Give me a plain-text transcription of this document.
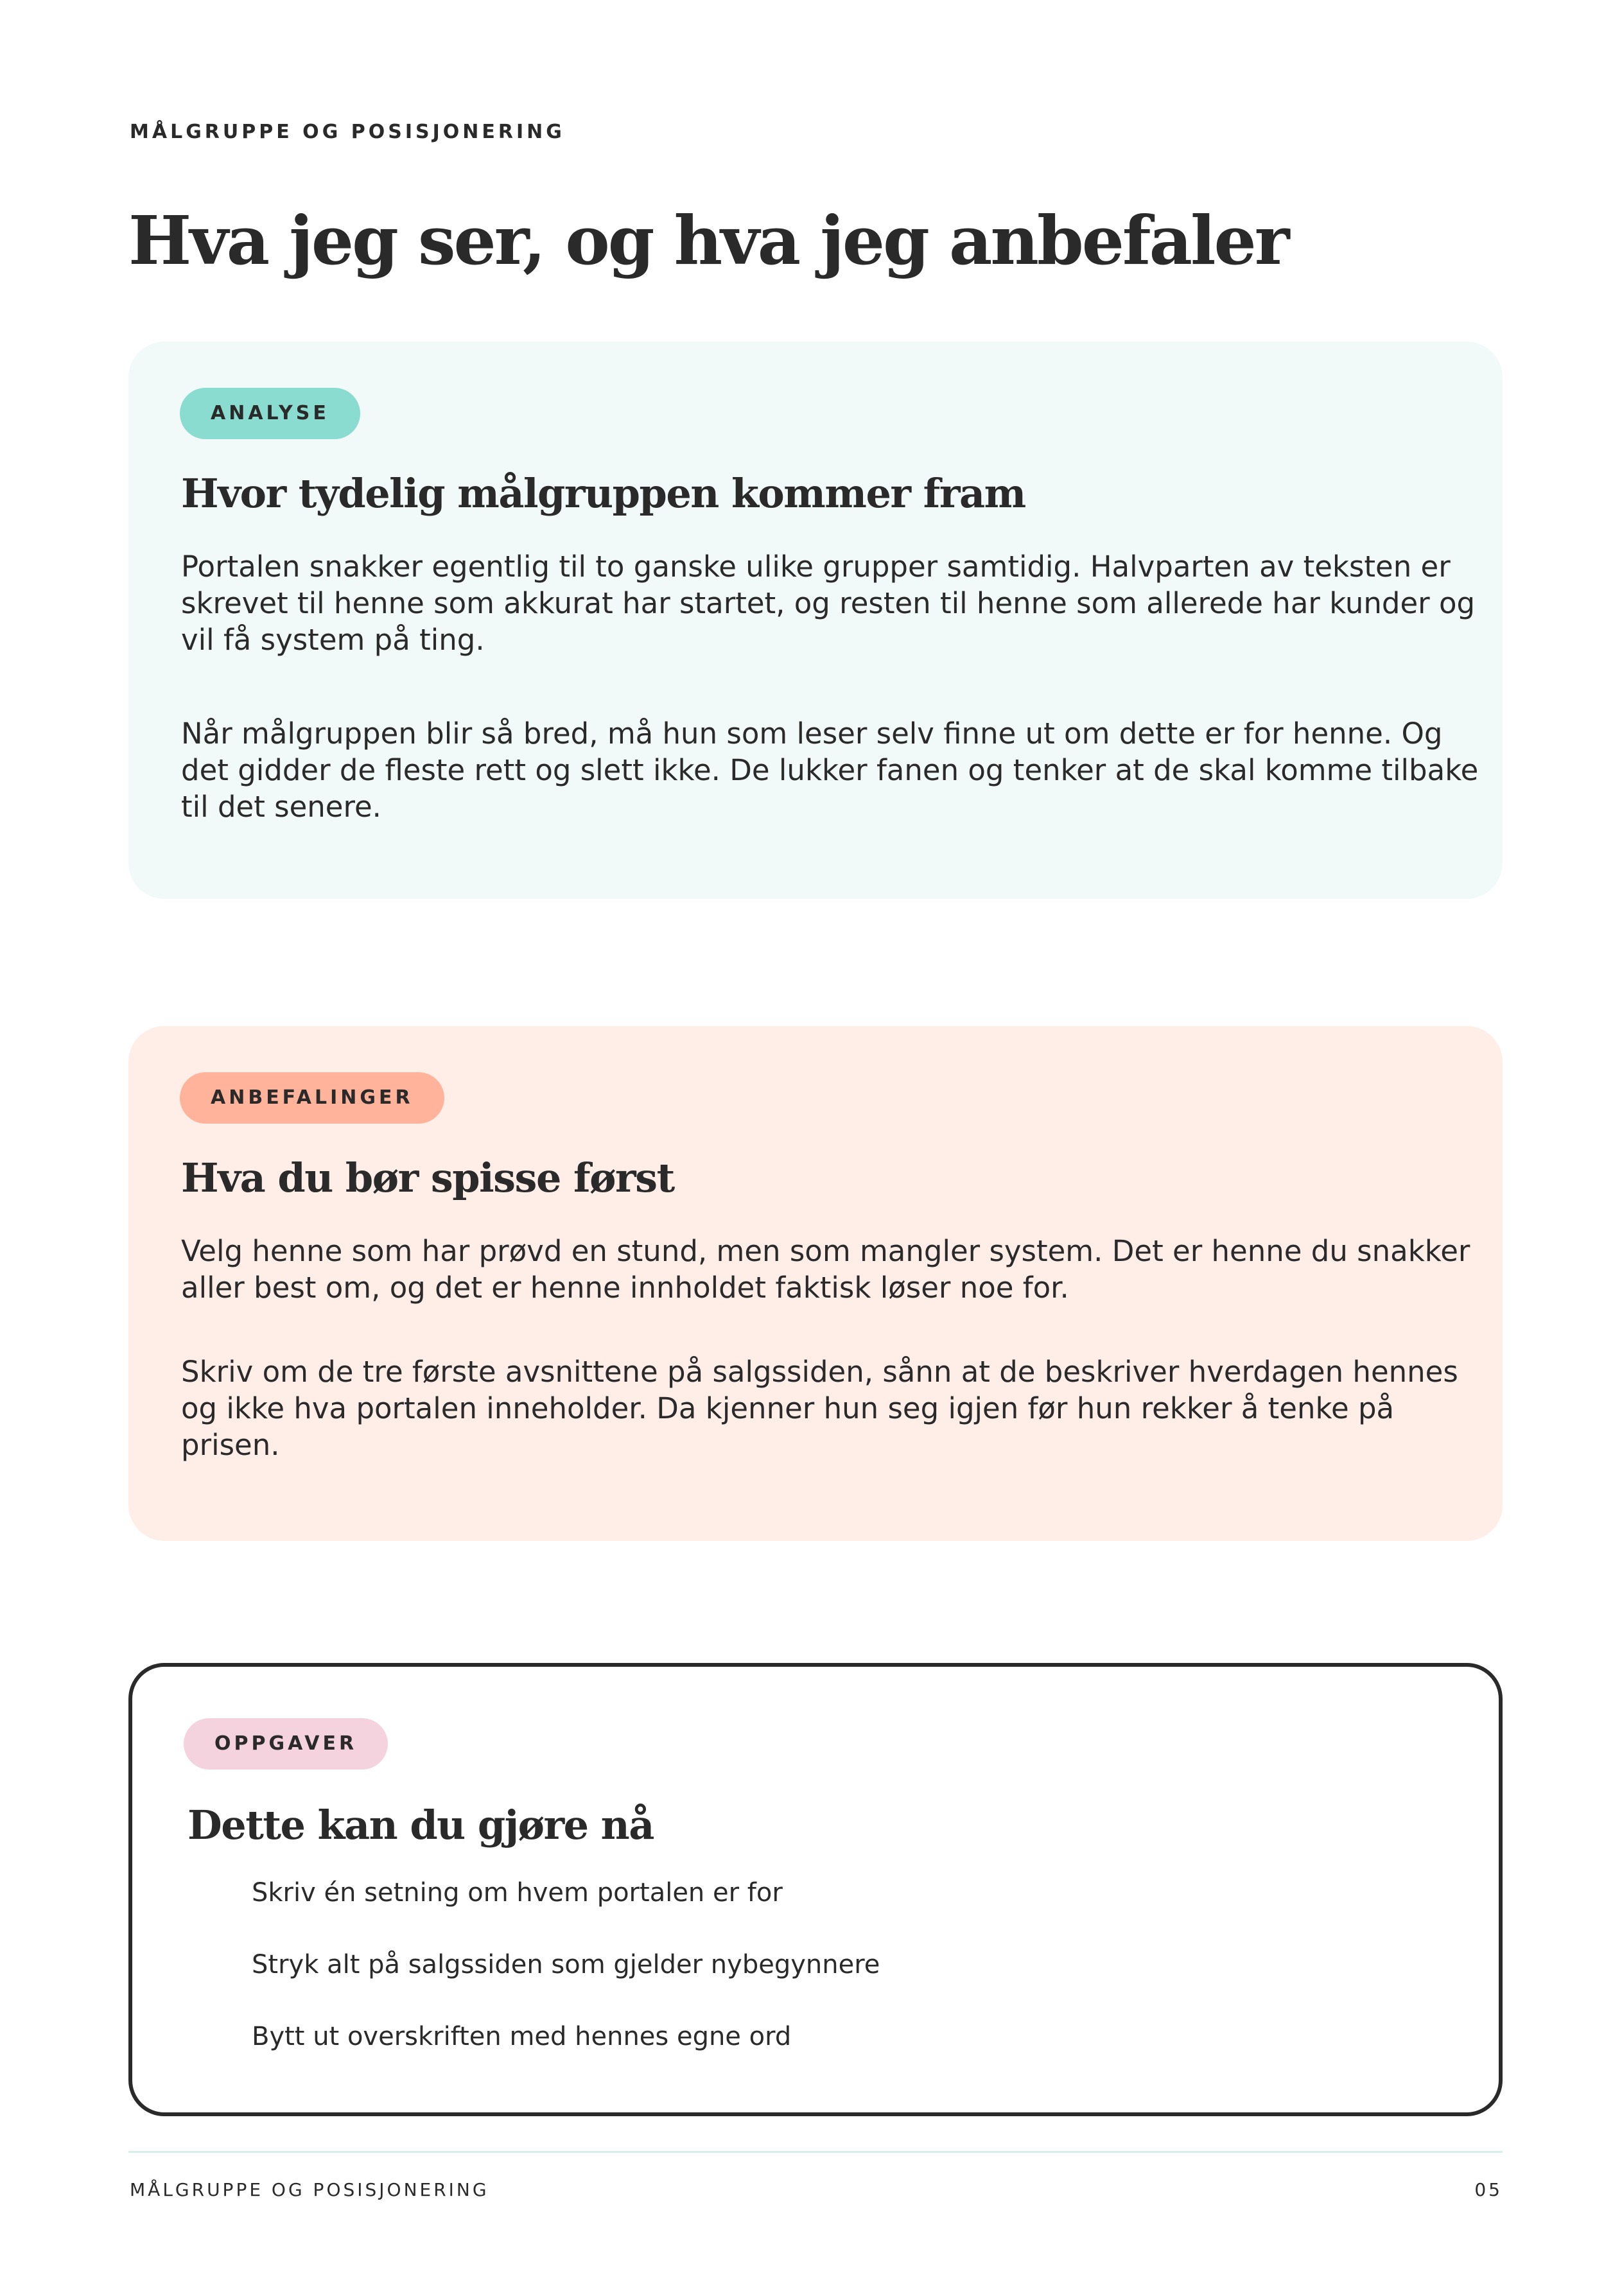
MÅLGRUPPE OG POSISJONERING

Hva jeg ser, og hva jeg anbefaler
ANALYSE
Hvor tydelig målgruppen kommer fram

Portalen snakker egentlig til to ganske ulike grupper samtidig. Halvparten av teksten er skrevet til henne som akkurat har startet, og resten til henne som allerede har kunder og vil få system på ting.

Når målgruppen blir så bred, må hun som leser selv finne ut om dette er for henne. Og det gidder de fleste rett og slett ikke. De lukker fanen og tenker at de skal komme tilbake til det senere.

ANBEFALINGER
Hva du bør spisse først

Velg henne som har prøvd en stund, men som mangler system. Det er henne du snakker aller best om, og det er henne innholdet faktisk løser noe for.

Skriv om de tre første avsnittene på salgssiden, sånn at de beskriver hverdagen hennes og ikke hva portalen inneholder. Da kjenner hun seg igjen før hun rekker å tenke på prisen.

OPPGAVER
Dette kan du gjøre nå
Skriv én setning om hvem portalen er for
Stryk alt på salgssiden som gjelder nybegynnere
Bytt ut overskriften med hennes egne ord

MÅLGRUPPE OG POSISJONERING	05
